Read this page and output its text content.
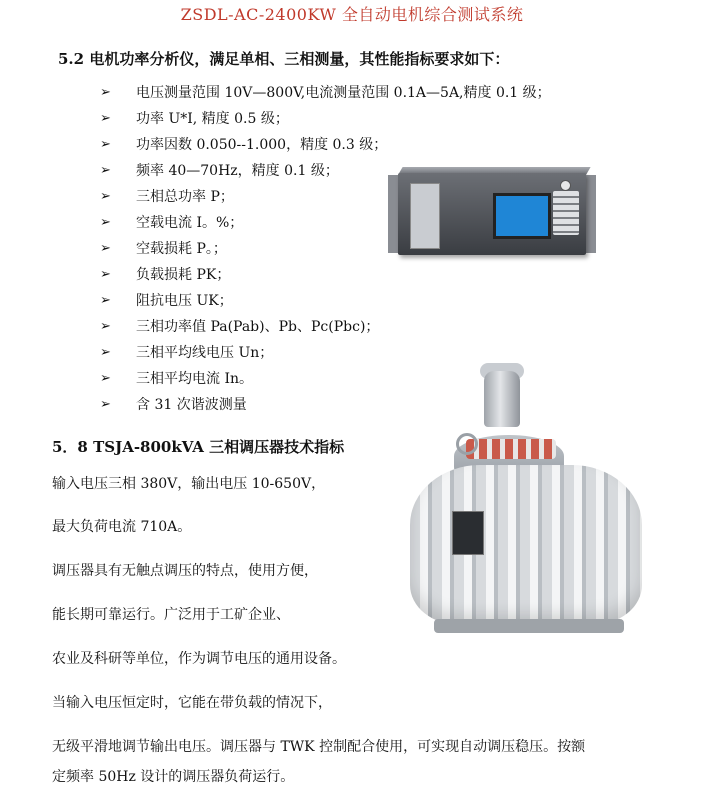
ZSDL-AC-2400KW 全自动电机综合测试系统
5.2 电机功率分析仪，满足单相、三相测量，其性能指标要求如下：
➢	电压测量范围 10V—800V,电流测量范围 0.1A—5A,精度 0.1 级；
➢	功率 U*I, 精度 0.5 级；
➢	功率因数 0.050--1.000，精度 0.3 级；
➢	频率 40—70Hz，精度 0.1 级；
➢	三相总功率 P；
➢	空载电流 I。%；
➢	空载损耗 P。；
➢	负载损耗 PK；
➢	阻抗电压 UK；
➢	三相功率值 Pa(Pab)、Pb、Pc(Pbc)；
➢	三相平均线电压 Un；
➢	三相平均电流 In。
➢	含 31 次谐波测量
5．8 TSJA-800kVA 三相调压器技术指标
输入电压三相 380V，输出电压 10-650V，
最大负荷电流 710A。
调压器具有无触点调压的特点，使用方便，
能长期可靠运行。广泛用于工矿企业、
农业及科研等单位，作为调节电压的通用设备。
当输入电压恒定时，它能在带负载的情况下，
无级平滑地调节输出电压。调压器与 TWK 控制配合使用，可实现自动调压稳压。按额
定频率 50Hz 设计的调压器负荷运行。
